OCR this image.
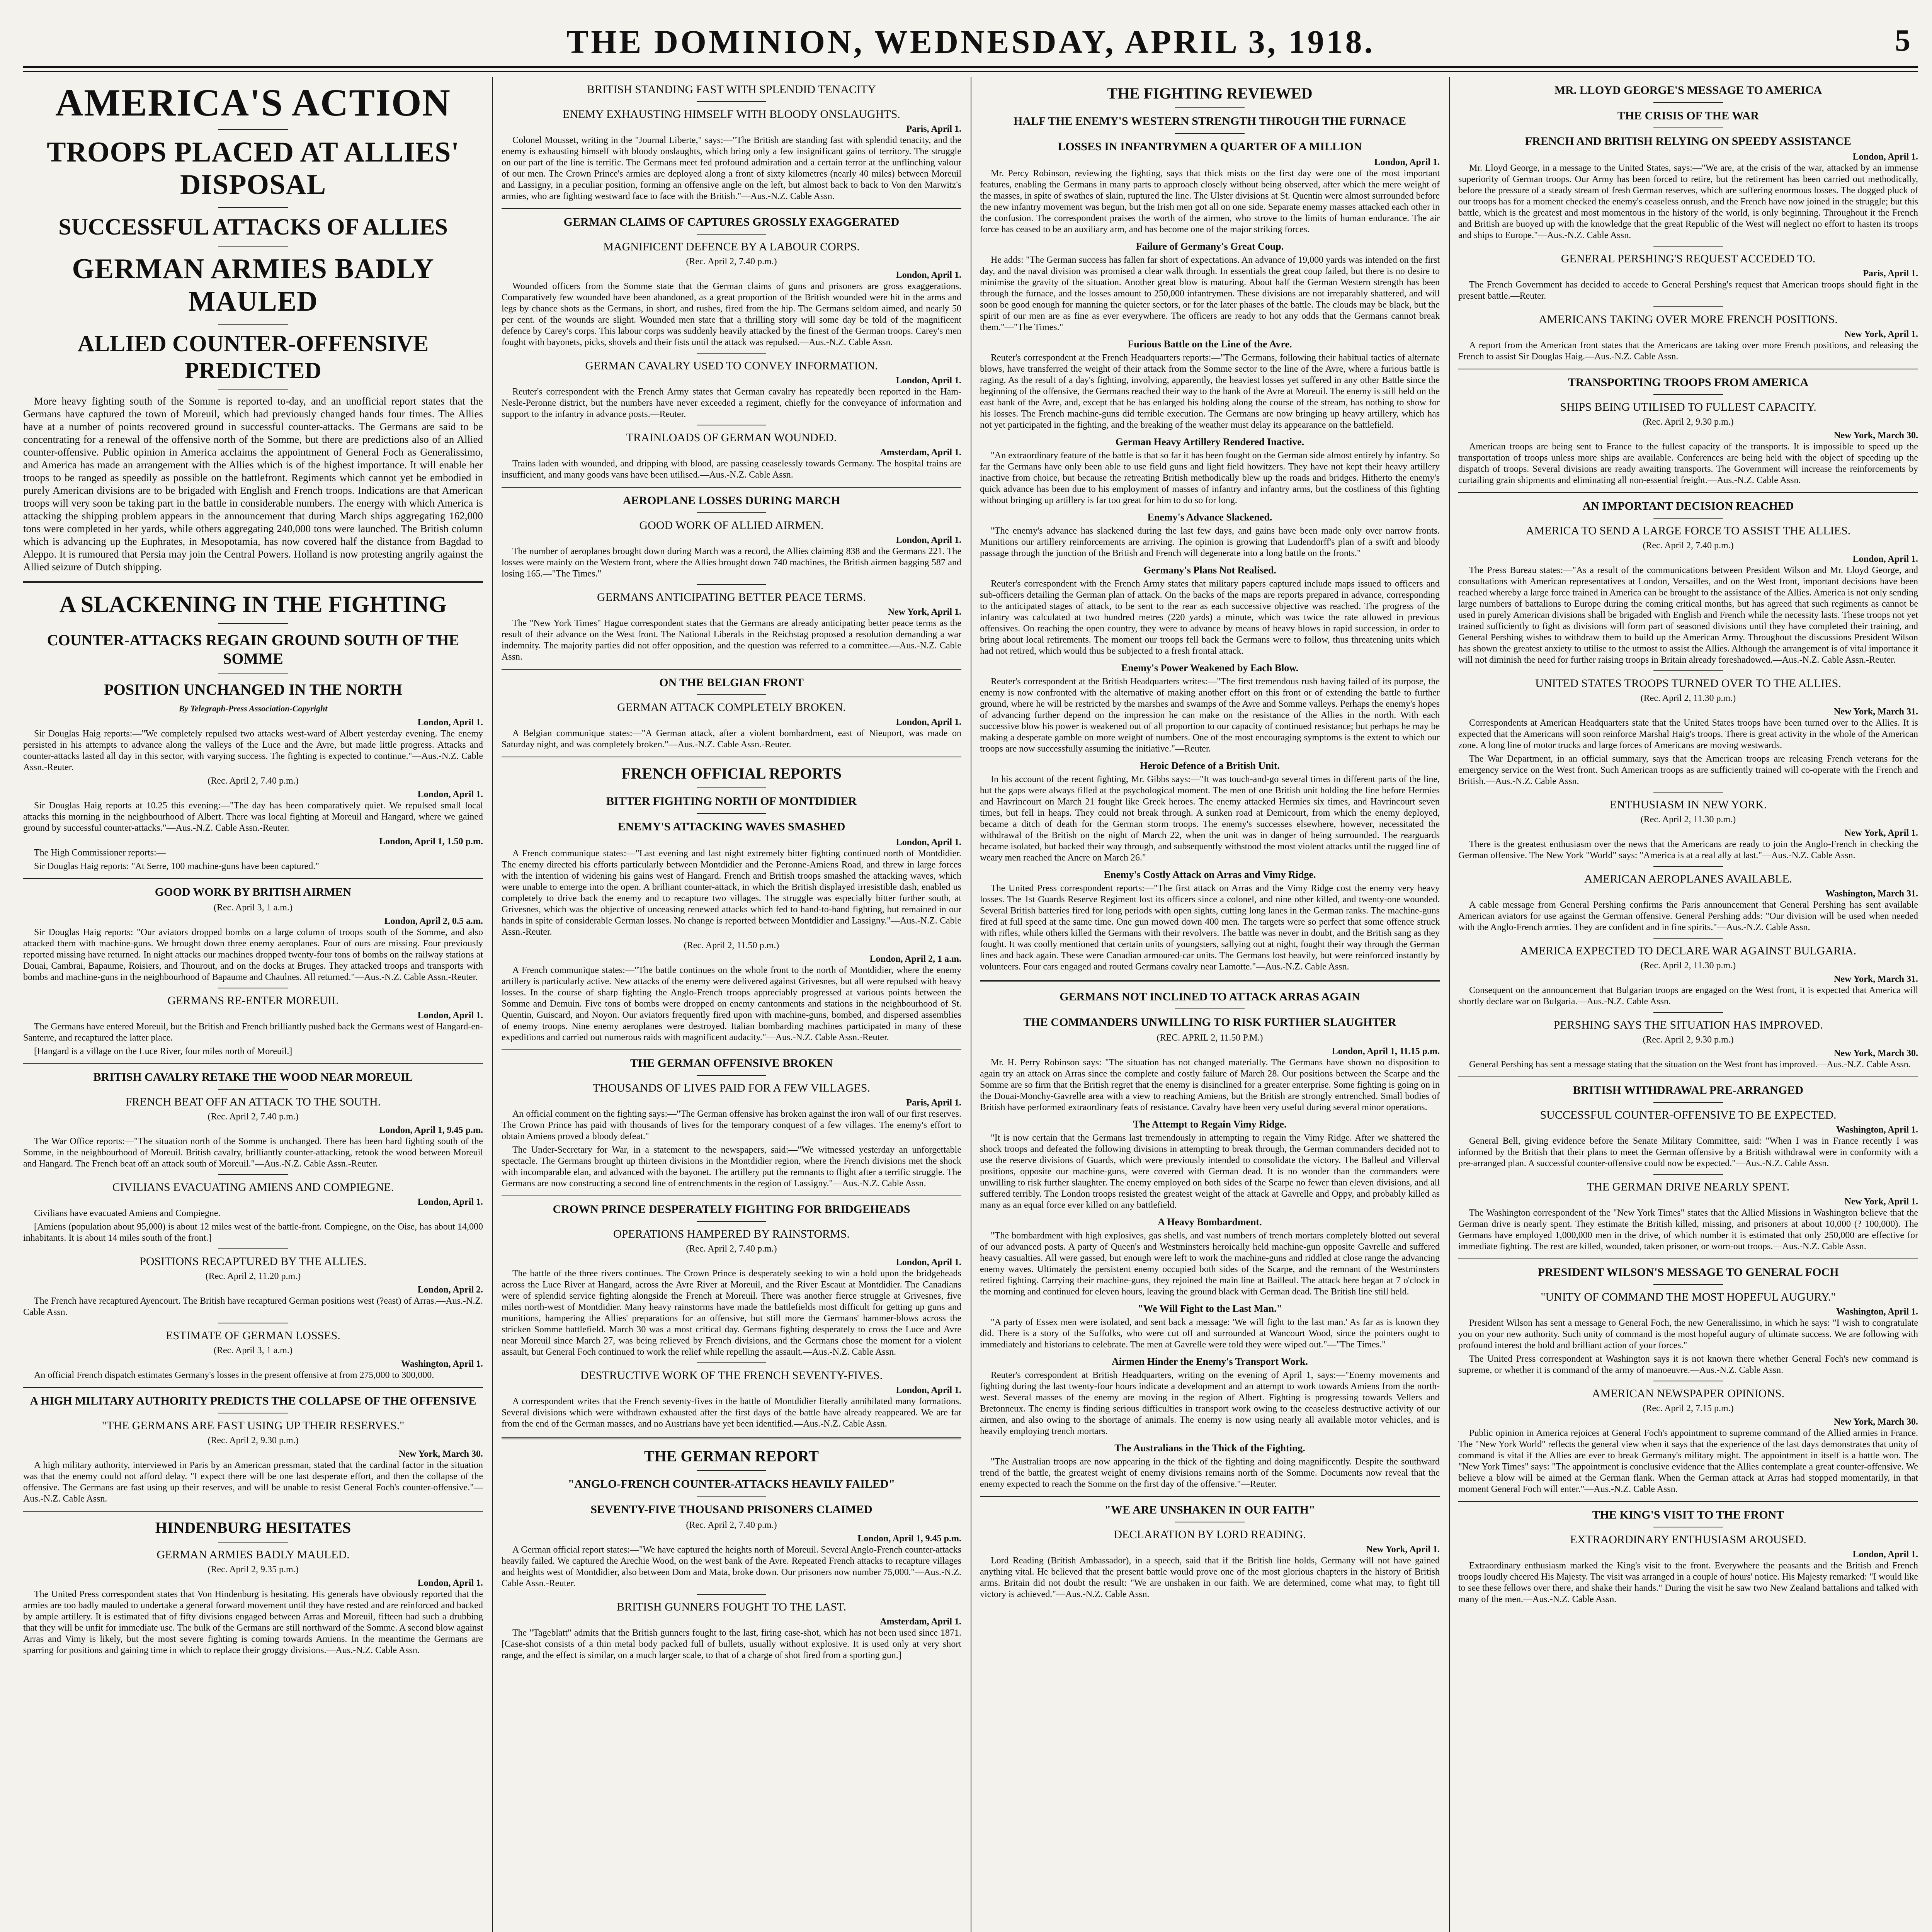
THE DOMINION, WEDNESDAY, APRIL 3, 1918.	5
AMERICA'S ACTION
TROOPS PLACED AT ALLIES' DISPOSAL
SUCCESSFUL ATTACKS OF ALLIES
GERMAN ARMIES BADLY MAULED
ALLIED COUNTER-OFFENSIVE PREDICTED

More heavy fighting south of the Somme is reported to-day, and an unofficial report states that the Germans have captured the town of Moreuil, which had previously changed hands four times. The Allies have at a number of points recovered ground in successful counter-attacks. The Germans are said to be concentrating for a renewal of the offensive north of the Somme, but there are predictions also of an Allied counter-offensive. Public opinion in America acclaims the appointment of General Foch as Generalissimo, and America has made an arrangement with the Allies which is of the highest importance. It will enable her troops to be ranged as speedily as possible on the battlefront. Regiments which cannot yet be embodied in purely American divisions are to be brigaded with English and French troops. Indications are that American troops will very soon be taking part in the battle in considerable numbers. The energy with which America is attacking the shipping problem appears in the announcement that during March ships aggregating 162,000 tons were completed in her yards, while others aggregating 240,000 tons were launched. The British column which is advancing up the Euphrates, in Mesopotamia, has now covered half the distance from Bagdad to Aleppo. It is rumoured that Persia may join the Central Powers. Holland is now protesting angrily against the Allied seizure of Dutch shipping.

A SLACKENING IN THE FIGHTING
COUNTER-ATTACKS REGAIN GROUND SOUTH OF THE SOMME
POSITION UNCHANGED IN THE NORTH
By Telegraph-Press Association-Copyright
London, April 1.

Sir Douglas Haig reports:—"We completely repulsed two attacks west-ward of Albert yesterday evening. The enemy persisted in his attempts to advance along the valleys of the Luce and the Avre, but made little progress. Attacks and counter-attacks lasted all day in this sector, with varying success. The fighting is expected to continue."—Aus.-N.Z. Cable Assn.-Reuter.

(Rec. April 2, 7.40 p.m.)
London, April 1.

Sir Douglas Haig reports at 10.25 this evening:—"The day has been comparatively quiet. We repulsed small local attacks this morning in the neighbourhood of Albert. There was local fighting at Moreuil and Hangard, where we gained ground by successful counter-attacks."—Aus.-N.Z. Cable Assn.-Reuter.

London, April 1, 1.50 p.m.

The High Commissioner reports:—

Sir Douglas Haig reports: "At Serre, 100 machine-guns have been captured."

GOOD WORK BY BRITISH AIRMEN
(Rec. April 3, 1 a.m.)
London, April 2, 0.5 a.m.

Sir Douglas Haig reports: "Our aviators dropped bombs on a large column of troops south of the Somme, and also attacked them with machine-guns. We brought down three enemy aeroplanes. Four of ours are missing. Four previously reported missing have returned. In night attacks our machines dropped twenty-four tons of bombs on the railway stations at Douai, Cambrai, Bapaume, Roisiers, and Thourout, and on the docks at Bruges. They attacked troops and transports with bombs and machine-guns in the neighbourhood of Bapaume and Chaulnes. All returned."—Aus.-N.Z. Cable Assn.-Reuter.

GERMANS RE-ENTER MOREUIL
London, April 1.

The Germans have entered Moreuil, but the British and French brilliantly pushed back the Germans west of Hangard-en-Santerre, and recaptured the latter place.

[Hangard is a village on the Luce River, four miles north of Moreuil.]

BRITISH CAVALRY RETAKE THE WOOD NEAR MOREUIL
FRENCH BEAT OFF AN ATTACK TO THE SOUTH.
(Rec. April 2, 7.40 p.m.)
London, April 1, 9.45 p.m.

The War Office reports:—"The situation north of the Somme is unchanged. There has been hard fighting south of the Somme, in the neighbourhood of Moreuil. British cavalry, brilliantly counter-attacking, retook the wood between Moreuil and Hangard. The French beat off an attack south of Moreuil."—Aus.-N.Z. Cable Assn.-Reuter.

CIVILIANS EVACUATING AMIENS AND COMPIEGNE.
London, April 1.

Civilians have evacuated Amiens and Compiegne.

[Amiens (population about 95,000) is about 12 miles west of the battle-front. Compiegne, on the Oise, has about 14,000 inhabitants. It is about 14 miles south of the front.]

POSITIONS RECAPTURED BY THE ALLIES.
(Rec. April 2, 11.20 p.m.)
London, April 2.

The French have recaptured Ayencourt. The British have recaptured German positions west (?east) of Arras.—Aus.-N.Z. Cable Assn.

ESTIMATE OF GERMAN LOSSES.
(Rec. April 3, 1 a.m.)
Washington, April 1.

An official French dispatch estimates Germany's losses in the present offensive at from 275,000 to 300,000.

A HIGH MILITARY AUTHORITY PREDICTS THE COLLAPSE OF THE OFFENSIVE
"THE GERMANS ARE FAST USING UP THEIR RESERVES."
(Rec. April 2, 9.30 p.m.)
New York, March 30.

A high military authority, interviewed in Paris by an American pressman, stated that the cardinal factor in the situation was that the enemy could not afford delay. "I expect there will be one last desperate effort, and then the collapse of the offensive. The Germans are fast using up their reserves, and will be unable to resist General Foch's counter-offensive."—Aus.-N.Z. Cable Assn.

HINDENBURG HESITATES
GERMAN ARMIES BADLY MAULED.
(Rec. April 2, 9.35 p.m.)
London, April 1.

The United Press correspondent states that Von Hindenburg is hesitating. His generals have obviously reported that the armies are too badly mauled to undertake a general forward movement until they have rested and are reinforced and backed by ample artillery. It is estimated that of fifty divisions engaged between Arras and Moreuil, fifteen had such a drubbing that they will be unfit for immediate use. The bulk of the Germans are still northward of the Somme. A second blow against Arras and Vimy is likely, but the most severe fighting is coming towards Amiens. In the meantime the Germans are sparring for positions and gaining time in which to replace their groggy divisions.—Aus.-N.Z. Cable Assn.

BRITISH STANDING FAST WITH SPLENDID TENACITY
ENEMY EXHAUSTING HIMSELF WITH BLOODY ONSLAUGHTS.
Paris, April 1.

Colonel Mousset, writing in the "Journal Liberte," says:—"The British are standing fast with splendid tenacity, and the enemy is exhausting himself with bloody onslaughts, which bring only a few insignificant gains of territory. The struggle on our part of the line is terrific. The Germans meet fed profound admiration and a certain terror at the unflinching valour of our men. The Crown Prince's armies are deployed along a front of sixty kilometres (nearly 40 miles) between Moreuil and Lassigny, in a peculiar position, forming an offensive angle on the left, but almost back to back to Von den Marwitz's armies, who are fighting westward face to face with the British."—Aus.-N.Z. Cable Assn.

GERMAN CLAIMS OF CAPTURES GROSSLY EXAGGERATED
MAGNIFICENT DEFENCE BY A LABOUR CORPS.
(Rec. April 2, 7.40 p.m.)
London, April 1.

Wounded officers from the Somme state that the German claims of guns and prisoners are gross exaggerations. Comparatively few wounded have been abandoned, as a great proportion of the British wounded were hit in the arms and legs by chance shots as the Germans, in short, and rushes, fired from the hip. The Germans seldom aimed, and nearly 50 per cent. of the wounds are slight. Wounded men state that a thrilling story will some day be told of the magnificent defence by Carey's corps. This labour corps was suddenly heavily attacked by the finest of the German troops. Carey's men fought with bayonets, picks, shovels and their fists until the attack was repulsed.—Aus.-N.Z. Cable Assn.

GERMAN CAVALRY USED TO CONVEY INFORMATION.
London, April 1.

Reuter's correspondent with the French Army states that German cavalry has repeatedly been reported in the Ham-Nesle-Peronne district, but the numbers have never exceeded a regiment, chiefly for the conveyance of information and support to the infantry in advance posts.—Reuter.

TRAINLOADS OF GERMAN WOUNDED.
Amsterdam, April 1.

Trains laden with wounded, and dripping with blood, are passing ceaselessly towards Germany. The hospital trains are insufficient, and many goods vans have been utilised.—Aus.-N.Z. Cable Assn.

AEROPLANE LOSSES DURING MARCH
GOOD WORK OF ALLIED AIRMEN.
London, April 1.

The number of aeroplanes brought down during March was a record, the Allies claiming 838 and the Germans 221. The losses were mainly on the Western front, where the Allies brought down 740 machines, the British airmen bagging 587 and losing 165.—"The Times."

GERMANS ANTICIPATING BETTER PEACE TERMS.
New York, April 1.

The "New York Times" Hague correspondent states that the Germans are already anticipating better peace terms as the result of their advance on the West front. The National Liberals in the Reichstag proposed a resolution demanding a war indemnity. The majority parties did not offer opposition, and the question was referred to a committee.—Aus.-N.Z. Cable Assn.

ON THE BELGIAN FRONT
GERMAN ATTACK COMPLETELY BROKEN.
London, April 1.

A Belgian communique states:—"A German attack, after a violent bombardment, east of Nieuport, was made on Saturday night, and was completely broken."—Aus.-N.Z. Cable Assn.-Reuter.

FRENCH OFFICIAL REPORTS
BITTER FIGHTING NORTH OF MONTDIDIER
ENEMY'S ATTACKING WAVES SMASHED
London, April 1.

A French communique states:—"Last evening and last night extremely bitter fighting continued north of Montdidier. The enemy directed his efforts particularly between Montdidier and the Peronne-Amiens Road, and threw in large forces with the intention of widening his gains west of Hangard. French and British troops smashed the attacking waves, which were unable to emerge into the open. A brilliant counter-attack, in which the British displayed irresistible dash, enabled us completely to drive back the enemy and to recapture two villages. The struggle was especially bitter further south, at Grivesnes, which was the objective of unceasing renewed attacks which fed to hand-to-hand fighting, but remained in our hands in spite of considerable German losses. No change is reported between Montdidier and Lassigny."—Aus.-N.Z. Cable Assn.-Reuter.

(Rec. April 2, 11.50 p.m.)
London, April 2, 1 a.m.

A French communique states:—"The battle continues on the whole front to the north of Montdidier, where the enemy artillery is particularly active. New attacks of the enemy were delivered against Grivesnes, but all were repulsed with heavy losses. In the course of sharp fighting the Anglo-French troops appreciably progressed at various points between the Somme and Demuin. Five tons of bombs were dropped on enemy cantonments and stations in the neighbourhood of St. Quentin, Guiscard, and Noyon. Our aviators frequently fired upon with machine-guns, bombed, and dispersed assemblies of enemy troops. Nine enemy aeroplanes were destroyed. Italian bombarding machines participated in many of these expeditions and carried out numerous raids with magnificent audacity."—Aus.-N.Z. Cable Assn.-Reuter.

THE GERMAN OFFENSIVE BROKEN
THOUSANDS OF LIVES PAID FOR A FEW VILLAGES.
Paris, April 1.

An official comment on the fighting says:—"The German offensive has broken against the iron wall of our first reserves. The Crown Prince has paid with thousands of lives for the temporary conquest of a few villages. The enemy's effort to obtain Amiens proved a bloody defeat."

The Under-Secretary for War, in a statement to the newspapers, said:—"We witnessed yesterday an unforgettable spectacle. The Germans brought up thirteen divisions in the Montdidier region, where the French divisions met the shock with incomparable elan, and advanced with the bayonet. The artillery put the remnants to flight after a terrific struggle. The Germans are now constructing a second line of entrenchments in the region of Lassigny."—Aus.-N.Z. Cable Assn.

CROWN PRINCE DESPERATELY FIGHTING FOR BRIDGEHEADS
OPERATIONS HAMPERED BY RAINSTORMS.
(Rec. April 2, 7.40 p.m.)
London, April 1.

The battle of the three rivers continues. The Crown Prince is desperately seeking to win a hold upon the bridgeheads across the Luce River at Hangard, across the Avre River at Moreuil, and the River Escaut at Montdidier. The Canadians were of splendid service fighting alongside the French at Moreuil. There was another fierce struggle at Grivesnes, five miles north-west of Montdidier. Many heavy rainstorms have made the battlefields most difficult for getting up guns and munitions, hampering the Allies' preparations for an offensive, but still more the Germans' hammer-blows across the stricken Somme battlefield. March 30 was a most critical day. Germans fighting desperately to cross the Luce and Avre near Moreuil since March 27, was being relieved by French divisions, and the Germans chose the moment for a violent assault, but General Foch continued to work the relief while repelling the assault.—Aus.-N.Z. Cable Assn.

DESTRUCTIVE WORK OF THE FRENCH SEVENTY-FIVES.
London, April 1.

A correspondent writes that the French seventy-fives in the battle of Montdidier literally annihilated many formations. Several divisions which were withdrawn exhausted after the first days of the battle have already reappeared. We are far from the end of the German masses, and no Austrians have yet been identified.—Aus.-N.Z. Cable Assn.

THE GERMAN REPORT
"ANGLO-FRENCH COUNTER-ATTACKS HEAVILY FAILED"
SEVENTY-FIVE THOUSAND PRISONERS CLAIMED
(Rec. April 2, 7.40 p.m.)
London, April 1, 9.45 p.m.

A German official report states:—"We have captured the heights north of Moreuil. Several Anglo-French counter-attacks heavily failed. We captured the Arechie Wood, on the west bank of the Avre. Repeated French attacks to recapture villages and heights west of Montdidier, also between Dom and Mata, broke down. Our prisoners now number 75,000."—Aus.-N.Z. Cable Assn.-Reuter.

BRITISH GUNNERS FOUGHT TO THE LAST.
Amsterdam, April 1.

The "Tageblatt" admits that the British gunners fought to the last, firing case-shot, which has not been used since 1871. [Case-shot consists of a thin metal body packed full of bullets, usually without explosive. It is used only at very short range, and the effect is similar, on a much larger scale, to that of a charge of shot fired from a sporting gun.]

THE FIGHTING REVIEWED
HALF THE ENEMY'S WESTERN STRENGTH THROUGH THE FURNACE
LOSSES IN INFANTRYMEN A QUARTER OF A MILLION
London, April 1.

Mr. Percy Robinson, reviewing the fighting, says that thick mists on the first day were one of the most important features, enabling the Germans in many parts to approach closely without being observed, after which the mere weight of the masses, in spite of swathes of slain, ruptured the line. The Ulster divisions at St. Quentin were almost surrounded before the new infantry movement was begun, but the Irish men got all on one side. Separate enemy masses attacked each other in the confusion. The correspondent praises the worth of the airmen, who strove to the limits of human endurance. The air force has ceased to be an auxiliary arm, and has become one of the major striking forces.

Failure of Germany's Great Coup.

He adds: "The German success has fallen far short of expectations. An advance of 19,000 yards was intended on the first day, and the naval division was promised a clear walk through. In essentials the great coup failed, but there is no desire to minimise the gravity of the situation. Another great blow is maturing. About half the German Western strength has been through the furnace, and the losses amount to 250,000 infantrymen. These divisions are not irreparably shattered, and will soon be good enough for manning the quieter sectors, or for the later phases of the battle. The clouds may be black, but the spirit of our men are as fine as ever everywhere. The officers are ready to hot any odds that the Germans cannot break them."—"The Times."

Furious Battle on the Line of the Avre.

Reuter's correspondent at the French Headquarters reports:—"The Germans, following their habitual tactics of alternate blows, have transferred the weight of their attack from the Somme sector to the line of the Avre, where a furious battle is raging. As the result of a day's fighting, involving, apparently, the heaviest losses yet suffered in any other Battle since the beginning of the offensive, the Germans reached their way to the bank of the Avre at Moreuil. The enemy is still held on the east bank of the Avre, and, except that he has enlarged his holding along the course of the stream, has nothing to show for his losses. The French machine-guns did terrible execution. The Germans are now bringing up heavy artillery, which has not yet participated in the fighting, and the breaking of the weather must delay its appearance on the battlefield.

German Heavy Artillery Rendered Inactive.

"An extraordinary feature of the battle is that so far it has been fought on the German side almost entirely by infantry. So far the Germans have only been able to use field guns and light field howitzers. They have not kept their heavy artillery inactive from choice, but because the retreating British methodically blew up the roads and bridges. Hitherto the enemy's quick advance has been due to his employment of masses of infantry and infantry arms, but the costliness of this fighting without bringing up artillery is far too great for him to do so for long.

Enemy's Advance Slackened.

"The enemy's advance has slackened during the last few days, and gains have been made only over narrow fronts. Munitions our artillery reinforcements are arriving. The opinion is growing that Ludendorff's plan of a swift and bloody passage through the junction of the British and French will degenerate into a long battle on the fronts."

Germany's Plans Not Realised.

Reuter's correspondent with the French Army states that military papers captured include maps issued to officers and sub-officers detailing the German plan of attack. On the backs of the maps are reports prepared in advance, corresponding to the anticipated stages of attack, to be sent to the rear as each successive objective was reached. The progress of the infantry was calculated at two hundred metres (220 yards) a minute, which was twice the rate allowed in previous offensives. On reaching the open country, they were to advance by means of heavy blows in rapid succession, in order to bring about local retirements. The moment our troops fell back the Germans were to follow, thus threatening units which had not retired, which would thus be subjected to a fresh frontal attack.

Enemy's Power Weakened by Each Blow.

Reuter's correspondent at the British Headquarters writes:—"The first tremendous rush having failed of its purpose, the enemy is now confronted with the alternative of making another effort on this front or of extending the battle to further ground, where he will be restricted by the marshes and swamps of the Avre and Somme valleys. Perhaps the enemy's hopes of advancing further depend on the impression he can make on the resistance of the Allies in the north. With each successive blow his power is weakened out of all proportion to our capacity of continued resistance; but perhaps he may be making a desperate gamble on more weight of numbers. One of the most encouraging symptoms is the extent to which our troops are now successfully assuming the initiative."—Reuter.

Heroic Defence of a British Unit.

In his account of the recent fighting, Mr. Gibbs says:—"It was touch-and-go several times in different parts of the line, but the gaps were always filled at the psychological moment. The men of one British unit holding the line before Hermies and Havrincourt on March 21 fought like Greek heroes. The enemy attacked Hermies six times, and Havrincourt seven times, but fell in heaps. They could not break through. A sunken road at Demicourt, from which the enemy deployed, became a ditch of death for the German storm troops. The enemy's successes elsewhere, however, necessitated the withdrawal of the British on the night of March 22, when the unit was in danger of being surrounded. The rearguards became isolated, but backed their way through, and subsequently withstood the most violent attacks until the rugged line of weary men reached the Ancre on March 26."

Enemy's Costly Attack on Arras and Vimy Ridge.

The United Press correspondent reports:—"The first attack on Arras and the Vimy Ridge cost the enemy very heavy losses. The 1st Guards Reserve Regiment lost its officers since a colonel, and nine other killed, and twenty-one wounded. Several British batteries fired for long periods with open sights, cutting long lanes in the German ranks. The machine-guns fired at full speed at the same time. One gun mowed down 400 men. The targets were so perfect that some offence struck with rifles, while others killed the Germans with their revolvers. The battle was never in doubt, and the British sang as they fought. It was coolly mentioned that certain units of youngsters, sallying out at night, fought their way through the German lines and back again. These were Canadian armoured-car units. The Germans lost heavily, but were reinforced instantly by volunteers. Four cars engaged and routed Germans cavalry near Lamotte."—Aus.-N.Z. Cable Assn.

GERMANS NOT INCLINED TO ATTACK ARRAS AGAIN
THE COMMANDERS UNWILLING TO RISK FURTHER SLAUGHTER
(REC. APRIL 2, 11.50 P.M.)
London, April 1, 11.15 p.m.

Mr. H. Perry Robinson says: "The situation has not changed materially. The Germans have shown no disposition to again try an attack on Arras since the complete and costly failure of March 28. Our positions between the Scarpe and the Somme are so firm that the British regret that the enemy is disinclined for a greater enterprise. Some fighting is going on in the Douai-Monchy-Gavrelle area with a view to reaching Amiens, but the British are strongly entrenched. Small bodies of British have performed extraordinary feats of resistance. Cavalry have been very useful during several minor operations.

The Attempt to Regain Vimy Ridge.

"It is now certain that the Germans last tremendously in attempting to regain the Vimy Ridge. After we shattered the shock troops and defeated the following divisions in attempting to break through, the German commanders decided not to use the reserve divisions of Guards, which were previously intended to consolidate the victory. The Balleul and Villerval positions, opposite our machine-guns, were covered with German dead. It is no wonder than the commanders were unwilling to risk further slaughter. The enemy employed on both sides of the Scarpe no fewer than eleven divisions, and all suffered terribly. The London troops resisted the greatest weight of the attack at Gavrelle and Oppy, and probably killed as many as an equal force ever killed on any battlefield.

A Heavy Bombardment.

"The bombardment with high explosives, gas shells, and vast numbers of trench mortars completely blotted out several of our advanced posts. A party of Queen's and Westminsters heroically held machine-gun opposite Gavrelle and suffered heavy casualties. All were gassed, but enough were left to work the machine-guns and riddled at close range the advancing enemy waves. Ultimately the persistent enemy occupied both sides of the Scarpe, and the remnant of the Westminsters retired fighting. Carrying their machine-guns, they rejoined the main line at Bailleul. The attack here began at 7 o'clock in the morning and continued for eleven hours, leaving the ground black with German dead. The British line still held.

"We Will Fight to the Last Man."

"A party of Essex men were isolated, and sent back a message: 'We will fight to the last man.' As far as is known they did. There is a story of the Suffolks, who were cut off and surrounded at Wancourt Wood, since the pointers ought to immediately and historians to celebrate. The men at Gavrelle were told they were wiped out."—"The Times."

Airmen Hinder the Enemy's Transport Work.

Reuter's correspondent at British Headquarters, writing on the evening of April 1, says:—"Enemy movements and fighting during the last twenty-four hours indicate a development and an attempt to work towards Amiens from the north-west. Several masses of the enemy are moving in the region of Albert. Fighting is progressing towards Vellers and Bretonneux. The enemy is finding serious difficulties in transport work owing to the ceaseless destructive activity of our airmen, and also owing to the shortage of animals. The enemy is now using nearly all available motor vehicles, and is heavily employing trench mortars.

The Australians in the Thick of the Fighting.

"The Australian troops are now appearing in the thick of the fighting and doing magnificently. Despite the southward trend of the battle, the greatest weight of enemy divisions remains north of the Somme. Documents now reveal that the enemy expected to reach the Somme on the first day of the offensive."—Reuter.

"WE ARE UNSHAKEN IN OUR FAITH"
DECLARATION BY LORD READING.
New York, April 1.

Lord Reading (British Ambassador), in a speech, said that if the British line holds, Germany will not have gained anything vital. He believed that the present battle would prove one of the most glorious chapters in the history of British arms. Britain did not doubt the result: "We are unshaken in our faith. We are determined, come what may, to fight till victory is achieved."—Aus.-N.Z. Cable Assn.

MR. LLOYD GEORGE'S MESSAGE TO AMERICA
THE CRISIS OF THE WAR
FRENCH AND BRITISH RELYING ON SPEEDY ASSISTANCE
London, April 1.

Mr. Lloyd George, in a message to the United States, says:—"We are, at the crisis of the war, attacked by an immense superiority of German troops. Our Army has been forced to retire, but the retirement has been carried out methodically, before the pressure of a steady stream of fresh German reserves, which are suffering enormous losses. The dogged pluck of our troops has for a moment checked the enemy's ceaseless onrush, and the French have now joined in the struggle; but this battle, which is the greatest and most momentous in the history of the world, is only beginning. Throughout it the French and British are buoyed up with the knowledge that the great Republic of the West will neglect no effort to hasten its troops and ships to Europe."—Aus.-N.Z. Cable Assn.

GENERAL PERSHING'S REQUEST ACCEDED TO.
Paris, April 1.

The French Government has decided to accede to General Pershing's request that American troops should fight in the present battle.—Reuter.

AMERICANS TAKING OVER MORE FRENCH POSITIONS.
New York, April 1.

A report from the American front states that the Americans are taking over more French positions, and releasing the French to assist Sir Douglas Haig.—Aus.-N.Z. Cable Assn.

TRANSPORTING TROOPS FROM AMERICA
SHIPS BEING UTILISED TO FULLEST CAPACITY.
(Rec. April 2, 9.30 p.m.)
New York, March 30.

American troops are being sent to France to the fullest capacity of the transports. It is impossible to speed up the transportation of troops unless more ships are available. Conferences are being held with the object of speeding up the dispatch of troops. Several divisions are ready awaiting transports. The Government will increase the reinforcements by curtailing grain shipments and eliminating all non-essential freight.—Aus.-N.Z. Cable Assn.

AN IMPORTANT DECISION REACHED
AMERICA TO SEND A LARGE FORCE TO ASSIST THE ALLIES.
(Rec. April 2, 7.40 p.m.)
London, April 1.

The Press Bureau states:—"As a result of the communications between President Wilson and Mr. Lloyd George, and consultations with American representatives at London, Versailles, and on the West front, important decisions have been reached whereby a large force trained in America can be brought to the assistance of the Allies. America is not only sending large numbers of battalions to Europe during the coming critical months, but has agreed that such regiments as cannot be used in purely American divisions shall be brigaded with English and French while the necessity lasts. These troops not yet trained sufficiently to fight as divisions will form part of seasoned divisions until they have completed their training, and General Pershing wishes to withdraw them to build up the American Army. Throughout the discussions President Wilson has shown the greatest anxiety to utilise to the utmost to assist the Allies. Although the arrangement is of vital importance it will not diminish the need for further raising troops in Britain already foreshadowed.—Aus.-N.Z. Cable Assn.-Reuter.

UNITED STATES TROOPS TURNED OVER TO THE ALLIES.
(Rec. April 2, 11.30 p.m.)
New York, March 31.

Correspondents at American Headquarters state that the United States troops have been turned over to the Allies. It is expected that the Americans will soon reinforce Marshal Haig's troops. There is great activity in the whole of the American zone. A long line of motor trucks and large forces of Americans are moving westwards.

The War Department, in an official summary, says that the American troops are releasing French veterans for the emergency service on the West front. Such American troops as are sufficiently trained will co-operate with the French and British.—Aus.-N.Z. Cable Assn.

ENTHUSIASM IN NEW YORK.
(Rec. April 2, 11.30 p.m.)
New York, April 1.

There is the greatest enthusiasm over the news that the Americans are ready to join the Anglo-French in checking the German offensive. The New York "World" says: "America is at a real ally at last."—Aus.-N.Z. Cable Assn.

AMERICAN AEROPLANES AVAILABLE.
Washington, March 31.

A cable message from General Pershing confirms the Paris announcement that General Pershing has sent available American aviators for use against the German offensive. General Pershing adds: "Our division will be used when needed with the Anglo-French armies. They are confident and in fine spirits."—Aus.-N.Z. Cable Assn.

AMERICA EXPECTED TO DECLARE WAR AGAINST BULGARIA.
(Rec. April 2, 11.30 p.m.)
New York, March 31.

Consequent on the announcement that Bulgarian troops are engaged on the West front, it is expected that America will shortly declare war on Bulgaria.—Aus.-N.Z. Cable Assn.

PERSHING SAYS THE SITUATION HAS IMPROVED.
(Rec. April 2, 9.30 p.m.)
New York, March 30.

General Pershing has sent a message stating that the situation on the West front has improved.—Aus.-N.Z. Cable Assn.

BRITISH WITHDRAWAL PRE-ARRANGED
SUCCESSFUL COUNTER-OFFENSIVE TO BE EXPECTED.
Washington, April 1.

General Bell, giving evidence before the Senate Military Committee, said: "When I was in France recently I was informed by the British that their plans to meet the German offensive by a British withdrawal were in conformity with a pre-arranged plan. A successful counter-offensive could now be expected."—Aus.-N.Z. Cable Assn.

THE GERMAN DRIVE NEARLY SPENT.
New York, April 1.

The Washington correspondent of the "New York Times" states that the Allied Missions in Washington believe that the German drive is nearly spent. They estimate the British killed, missing, and prisoners at about 10,000 (? 100,000). The Germans have employed 1,000,000 men in the drive, of which number it is estimated that only 250,000 are effective for immediate fighting. The rest are killed, wounded, taken prisoner, or worn-out troops.—Aus.-N.Z. Cable Assn.

PRESIDENT WILSON'S MESSAGE TO GENERAL FOCH
"UNITY OF COMMAND THE MOST HOPEFUL AUGURY."
Washington, April 1.

President Wilson has sent a message to General Foch, the new Generalissimo, in which he says: "I wish to congratulate you on your new authority. Such unity of command is the most hopeful augury of ultimate success. We are following with profound interest the bold and brilliant action of your forces."

The United Press correspondent at Washington says it is not known there whether General Foch's new command is supreme, or whether it is command of the army of manoeuvre.—Aus.-N.Z. Cable Assn.

AMERICAN NEWSPAPER OPINIONS.
(Rec. April 2, 7.15 p.m.)
New York, March 30.

Public opinion in America rejoices at General Foch's appointment to supreme command of the Allied armies in France. The "New York World" reflects the general view when it says that the experience of the last days demonstrates that unity of command is vital if the Allies are ever to break Germany's military might. The appointment in itself is a battle won. The "New York Times" says: "The appointment is conclusive evidence that the Allies contemplate a great counter-offensive. We believe a blow will be aimed at the German flank. When the German attack at Arras had stopped momentarily, in that moment General Foch will enter."—Aus.-N.Z. Cable Assn.

THE KING'S VISIT TO THE FRONT
EXTRAORDINARY ENTHUSIASM AROUSED.
London, April 1.

Extraordinary enthusiasm marked the King's visit to the front. Everywhere the peasants and the British and French troops loudly cheered His Majesty. The visit was arranged in a couple of hours' notice. His Majesty remarked: "I would like to see these fellows over there, and shake their hands." During the visit he saw two New Zealand battalions and talked with many of the men.—Aus.-N.Z. Cable Assn.
